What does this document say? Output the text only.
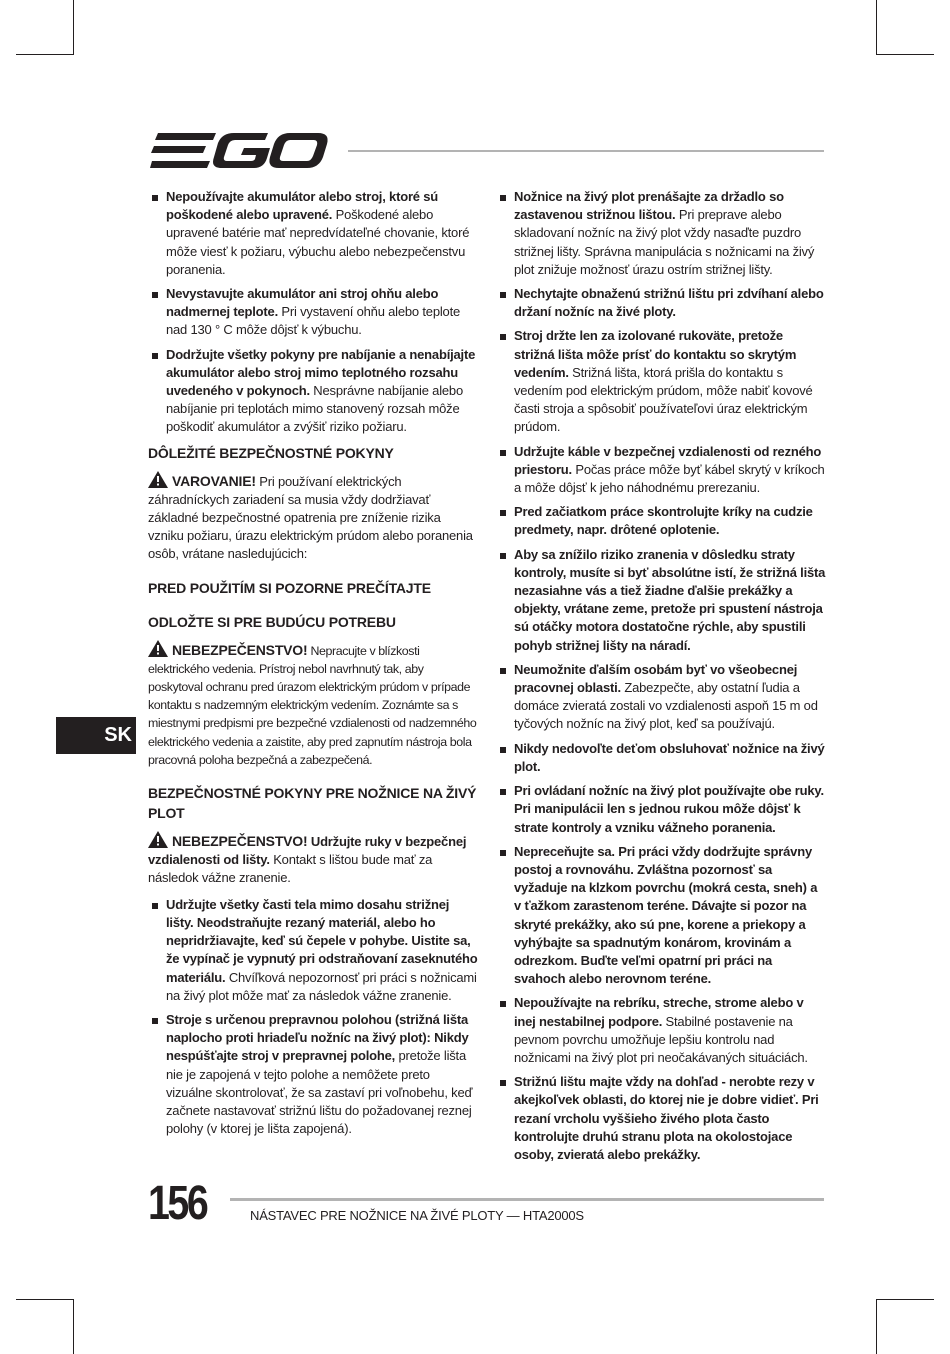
SK
Nepoužívajte akumulátor alebo stroj, ktoré sú poškodené alebo upravené. Poškodené alebo upravené batérie mať nepredvídateľné chovanie, ktoré môže viesť k požiaru, výbuchu alebo nebezpečenstvu poranenia.
Nevystavujte akumulátor ani stroj ohňu alebo nadmernej teplote. Pri vystavení ohňu alebo teplote nad 130 ° C môže dôjsť k výbuchu.
Dodržujte všetky pokyny pre nabíjanie a nenabíjajte akumulátor alebo stroj mimo teplotného rozsahu uvedeného v pokynoch. Nesprávne nabíjanie alebo nabíjanie pri teplotách mimo stanovený rozsah môže poškodiť akumulátor a zvýšiť riziko požiaru.
DÔLEŽITÉ BEZPEČNOSTNÉ POKYNY
VAROVANIE! Pri používaní elektrických záhradníckych zariadení sa musia vždy dodržiavať základné bezpečnostné opatrenia pre zníženie rizika vzniku požiaru, úrazu elektrickým prúdom alebo poranenia osôb, vrátane nasledujúcich:
PRED POUŽITÍM SI POZORNE PREČÍTAJTE
ODLOŽTE SI PRE BUDÚCU POTREBU
NEBEZPEČENSTVO! Nepracujte v blízkosti elektrického vedenia. Prístroj nebol navrhnutý tak, aby poskytoval ochranu pred úrazom elektrickým prúdom v prípade kontaktu s nadzemným elektrickým vedením. Zoznámte sa s miestnymi predpismi pre bezpečné vzdialenosti od nadzemného elektrického vedenia a zaistite, aby pred zapnutím nástroja bola pracovná poloha bezpečná a zabezpečená.
BEZPEČNOSTNÉ POKYNY PRE NOŽNICE NA ŽIVÝ PLOT
NEBEZPEČENSTVO! Udržujte ruky v bezpečnej vzdialenosti od lišty. Kontakt s lištou bude mať za následok vážne zranenie.
Udržujte všetky časti tela mimo dosahu strižnej lišty. Neodstraňujte rezaný materiál, alebo ho nepridržiavajte, keď sú čepele v pohybe. Uistite sa, že vypínač je vypnutý pri odstraňovaní zaseknutého materiálu. Chvíľková nepozornosť pri práci s nožnicami na živý plot môže mať za následok vážne zranenie.
Stroje s určenou prepravnou polohou (strižná lišta naplocho proti hriadeľu nožníc na živý plot): Nikdy nespúšťajte stroj v prepravnej polohe, pretože lišta nie je zapojená v tejto polohe a nemôžete preto vizuálne skontrolovať, že sa zastaví pri voľnobehu, keď začnete nastavovať strižnú lištu do požadovanej reznej polohy (v ktorej je lišta zapojená).
Nožnice na živý plot prenášajte za držadlo so zastavenou strižnou lištou. Pri preprave alebo skladovaní nožníc na živý plot vždy nasaďte puzdro strižnej lišty. Správna manipulácia s nožnicami na živý plot znižuje možnosť úrazu ostrím strižnej lišty.
Nechytajte obnaženú strižnú lištu pri zdvíhaní alebo držaní nožníc na živé ploty.
Stroj držte len za izolované rukoväte, pretože strižná lišta môže prísť do kontaktu so skrytým vedením. Strižná lišta, ktorá prišla do kontaktu s vedením pod elektrickým prúdom, môže nabiť kovové časti stroja a spôsobiť používateľovi úraz elektrickým prúdom.
Udržujte káble v bezpečnej vzdialenosti od rezného priestoru. Počas práce môže byť kábel skrytý v kríkoch a môže dôjsť k jeho náhodnému prerezaniu.
Pred začiatkom práce skontrolujte kríky na cudzie predmety, napr. drôtené oplotenie.
Aby sa znížilo riziko zranenia v dôsledku straty kontroly, musíte si byť absolútne istí, že strižná lišta nezasiahne vás a tiež žiadne ďalšie prekážky a objekty, vrátane zeme, pretože pri spustení nástroja sú otáčky motora dostatočne rýchle, aby spustili pohyb strižnej lišty na náradí.
Neumožnite ďalším osobám byť vo všeobecnej pracovnej oblasti. Zabezpečte, aby ostatní ľudia a domáce zvieratá zostali vo vzdialenosti aspoň 15 m od tyčových nožníc na živý plot, keď sa používajú.
Nikdy nedovoľte deťom obsluhovať nožnice na živý plot.
Pri ovládaní nožníc na živý plot používajte obe ruky. Pri manipulácii len s jednou rukou môže dôjsť k strate kontroly a vzniku vážneho poranenia.
Nepreceňujte sa. Pri práci vždy dodržujte správny postoj a rovnováhu. Zvláštna pozornosť sa vyžaduje na klzkom povrchu (mokrá cesta, sneh) a v ťažkom zarastenom teréne. Dávajte si pozor na skryté prekážky, ako sú pne, korene a priekopy a vyhýbajte sa spadnutým konárom, krovinám a odrezkom. Buďte veľmi opatrní pri práci na svahoch alebo nerovnom teréne.
Nepoužívajte na rebríku, streche, strome alebo v inej nestabilnej podpore. Stabilné postavenie na pevnom povrchu umožňuje lepšiu kontrolu nad nožnicami na živý plot pri neočakávaných situáciách.
Strižnú lištu majte vždy na dohľad - nerobte rezy v akejkoľvek oblasti, do ktorej nie je dobre vidieť. Pri rezaní vrcholu vyššieho živého plota často kontrolujte druhú stranu plota na okolostojace osoby, zvieratá alebo prekážky.
156	NÁSTAVEC PRE NOŽNICE NA ŽIVÉ PLOTY — HTA2000S
